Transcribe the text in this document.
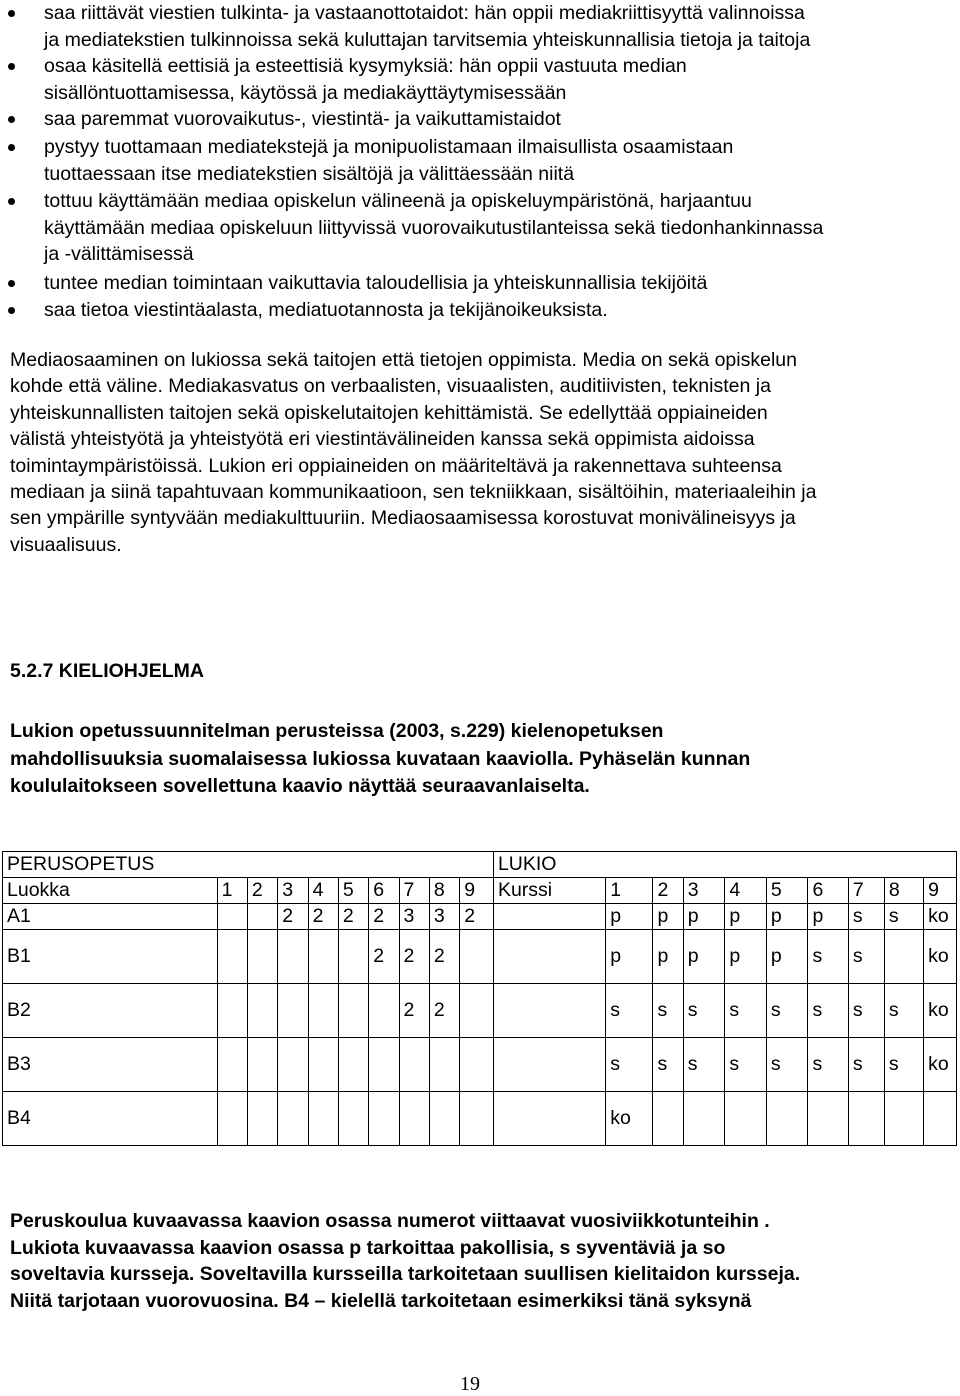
saa riittävät viestien tulkinta- ja vastaanottotaidot: hän oppii mediakriittisyyttä valinnoissa
ja mediatekstien tulkinnoissa sekä kuluttajan tarvitsemia yhteiskunnallisia tietoja ja taitoja
osaa käsitellä eettisiä ja esteettisiä kysymyksiä: hän oppii vastuuta median
sisällöntuottamisessa, käytössä ja mediakäyttäytymisessään
saa paremmat vuorovaikutus-, viestintä- ja vaikuttamistaidot
pystyy tuottamaan mediatekstejä ja monipuolistamaan ilmaisullista osaamistaan
tuottaessaan itse mediatekstien sisältöjä ja välittäessään niitä
tottuu käyttämään mediaa opiskelun välineenä ja opiskeluympäristönä, harjaantuu
käyttämään mediaa opiskeluun liittyvissä vuorovaikutustilanteissa sekä tiedonhankinnassa
ja -välittämisessä
tuntee median toimintaan vaikuttavia taloudellisia ja yhteiskunnallisia tekijöitä
saa tietoa viestintäalasta, mediatuotannosta ja tekijänoikeuksista.

Mediaosaaminen on lukiossa sekä taitojen että tietojen oppimista. Media on sekä opiskelun
kohde että väline. Mediakasvatus on verbaalisten, visuaalisten, auditiivisten, teknisten ja
yhteiskunnallisten taitojen sekä opiskelutaitojen kehittämistä. Se edellyttää oppiaineiden
välistä yhteistyötä ja yhteistyötä eri viestintävälineiden kanssa sekä oppimista aidoissa
toimintaympäristöissä. Lukion eri oppiaineiden on määriteltävä ja rakennettava suhteensa
mediaan ja siinä tapahtuvaan kommunikaatioon, sen tekniikkaan, sisältöihin, materiaaleihin ja
sen ympärille syntyvään mediakulttuuriin. Mediaosaamisessa korostuvat monivälineisyys ja
visuaalisuus.

5.2.7 KIELIOHJELMA

Lukion opetussuunnitelman perusteissa (2003, s.229) kielenopetuksen
mahdollisuuksia suomalaisessa lukiossa kuvataan kaaviolla. Pyhäselän kunnan
koululaitokseen sovellettuna kaavio näyttää seuraavanlaiselta.

PERUSOPETUS										LUKIO									
Luokka	1	2	3	4	5	6	7	8	9	Kurssi	1	2	3	4	5	6	7	8	9
A1			2	2	2	2	3	3	2		p	p	p	p	p	p	s	s	ko
B1						2	2	2			p	p	p	p	p	s	s		ko
B2							2	2			s	s	s	s	s	s	s	s	ko
B3											s	s	s	s	s	s	s	s	ko
B4											ko								

Peruskoulua kuvaavassa kaavion osassa numerot viittaavat vuosiviikkotunteihin .
Lukiota kuvaavassa kaavion osassa p tarkoittaa pakollisia, s syventäviä ja so
soveltavia kursseja. Soveltavilla kursseilla tarkoitetaan suullisen kielitaidon kursseja.
Niitä tarjotaan vuorovuosina. B4 – kielellä tarkoitetaan esimerkiksi tänä syksynä

19
